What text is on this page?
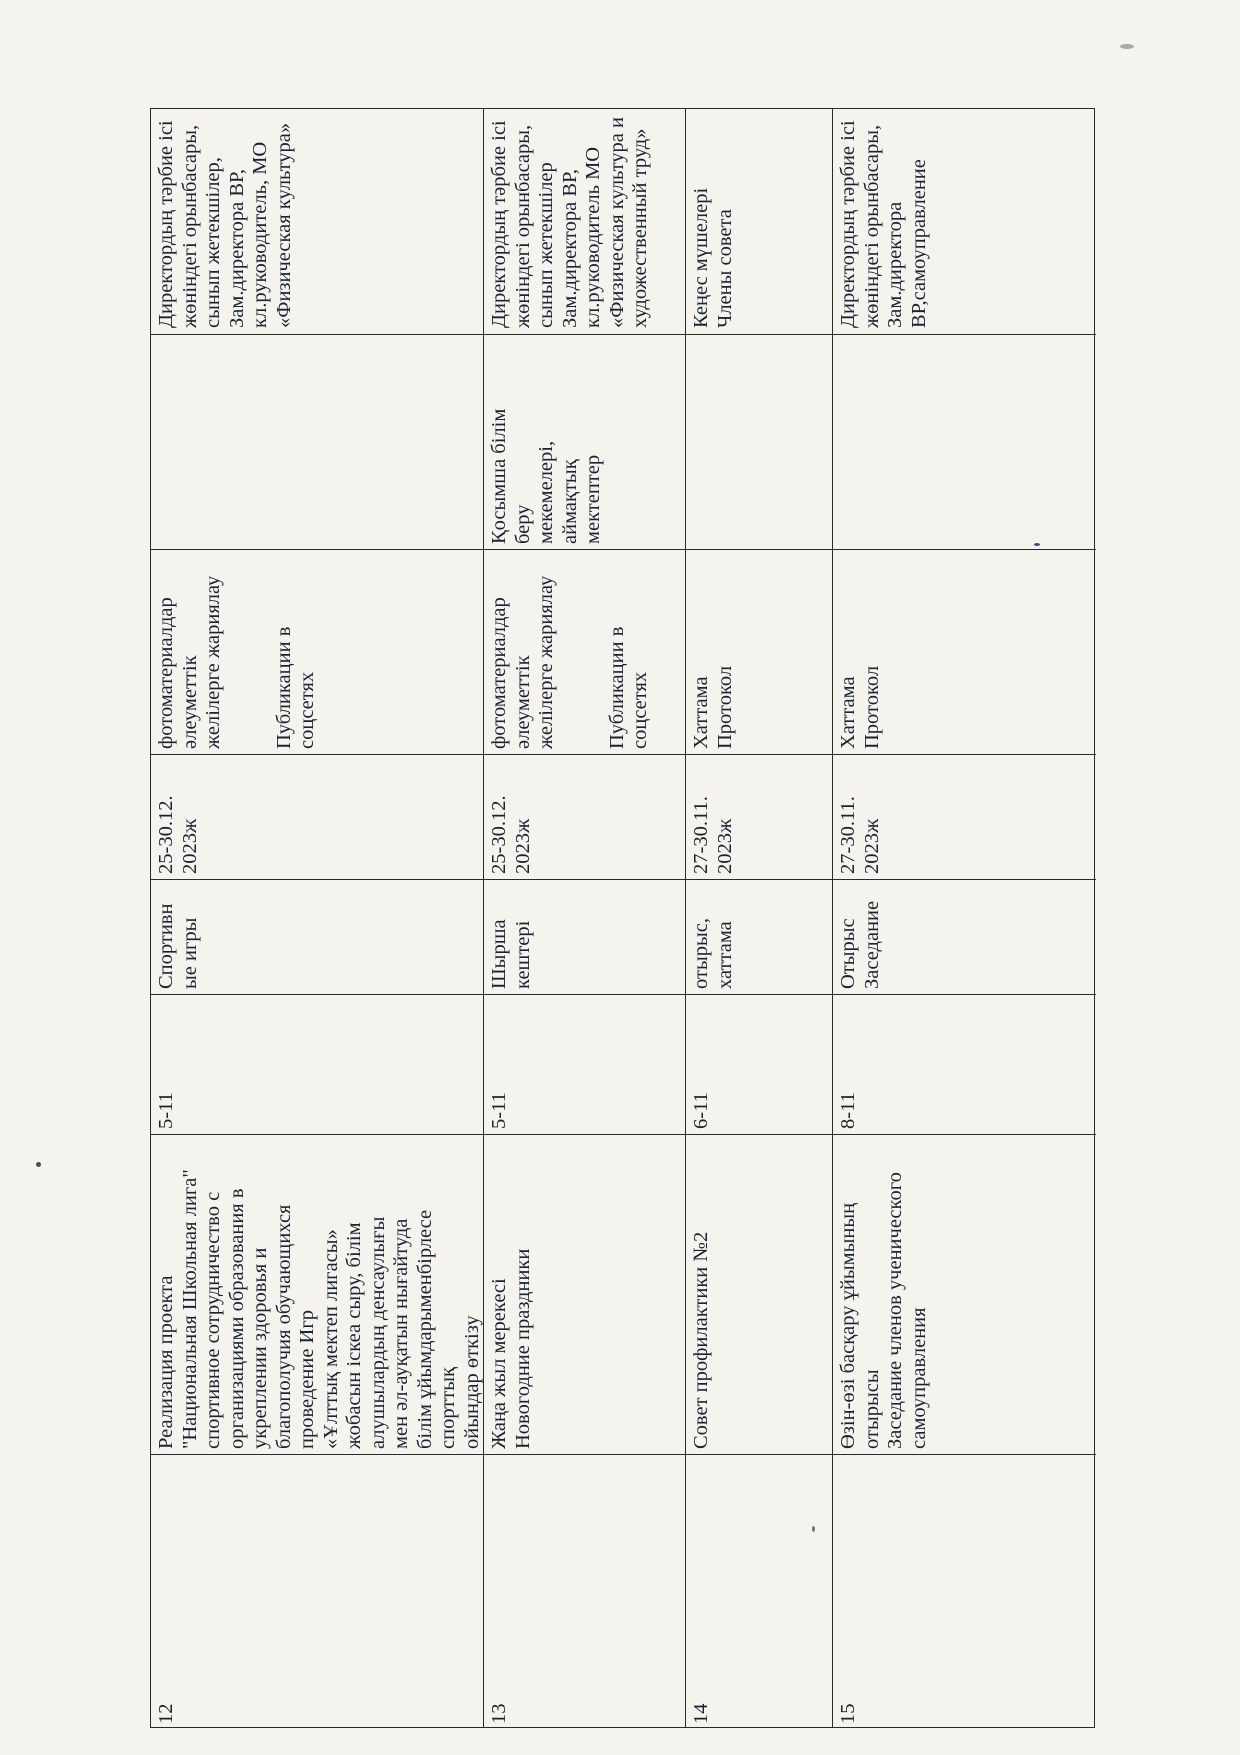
Директордың тәрбие ісі
жөніндегі орынбасары,
сынып жетекшілер,
Зам.директора ВР,
кл.руководитель, МО
«Физическая культура»
фотоматериалдар
әлеуметтік
желілерге жариялау

Публикации в
соцсетях
25-30.12.
2023ж
Спортивн
ые игры
5-11
Реализация проекта
"Национальная Школьная лига"
спортивное сотрудничество с
организациями образования в
укреплении здоровья и
благополучия обучающихся
проведение Игр
«Ұлттық мектеп лигасы»
жобасын іскеа сыру, білім
алушылардың денсаулығы
мен әл-ауқатын нығайтуда
білім ұйымдарыменбірлесе
спорттық
ойындар өткізу
12
Директордың тәрбие ісі
жөніндегі орынбасары,
сынып жетекшілер
Зам.директора ВР,
кл.руководитель МО
«Физическая культура и
художественный труд»
Қосымша білім
беру
мекемелері,
аймақтық
мектептер
фотоматериалдар
әлеуметтік
желілерге жариялау

Публикации в
соцсетях
25-30.12.
2023ж
Шырша
кештері
5-11
Жаңа жыл мерекесі
Новогодние праздники
13
Кеңес мүшелері
Члены совета
Хаттама
Протокол
27-30.11.
2023ж
отырыс,
хаттама
6-11
Совет профилактики №2
14
Директордың тәрбие ісі
жөніндегі орынбасары,
Зам.директора
ВР,самоуправление
Хаттама
Протокол
27-30.11.
2023ж
Отырыс
Заседание
8-11
Өзін-өзі басқару ұйымының
отырысы
Заседание членов ученического
самоуправления
15
